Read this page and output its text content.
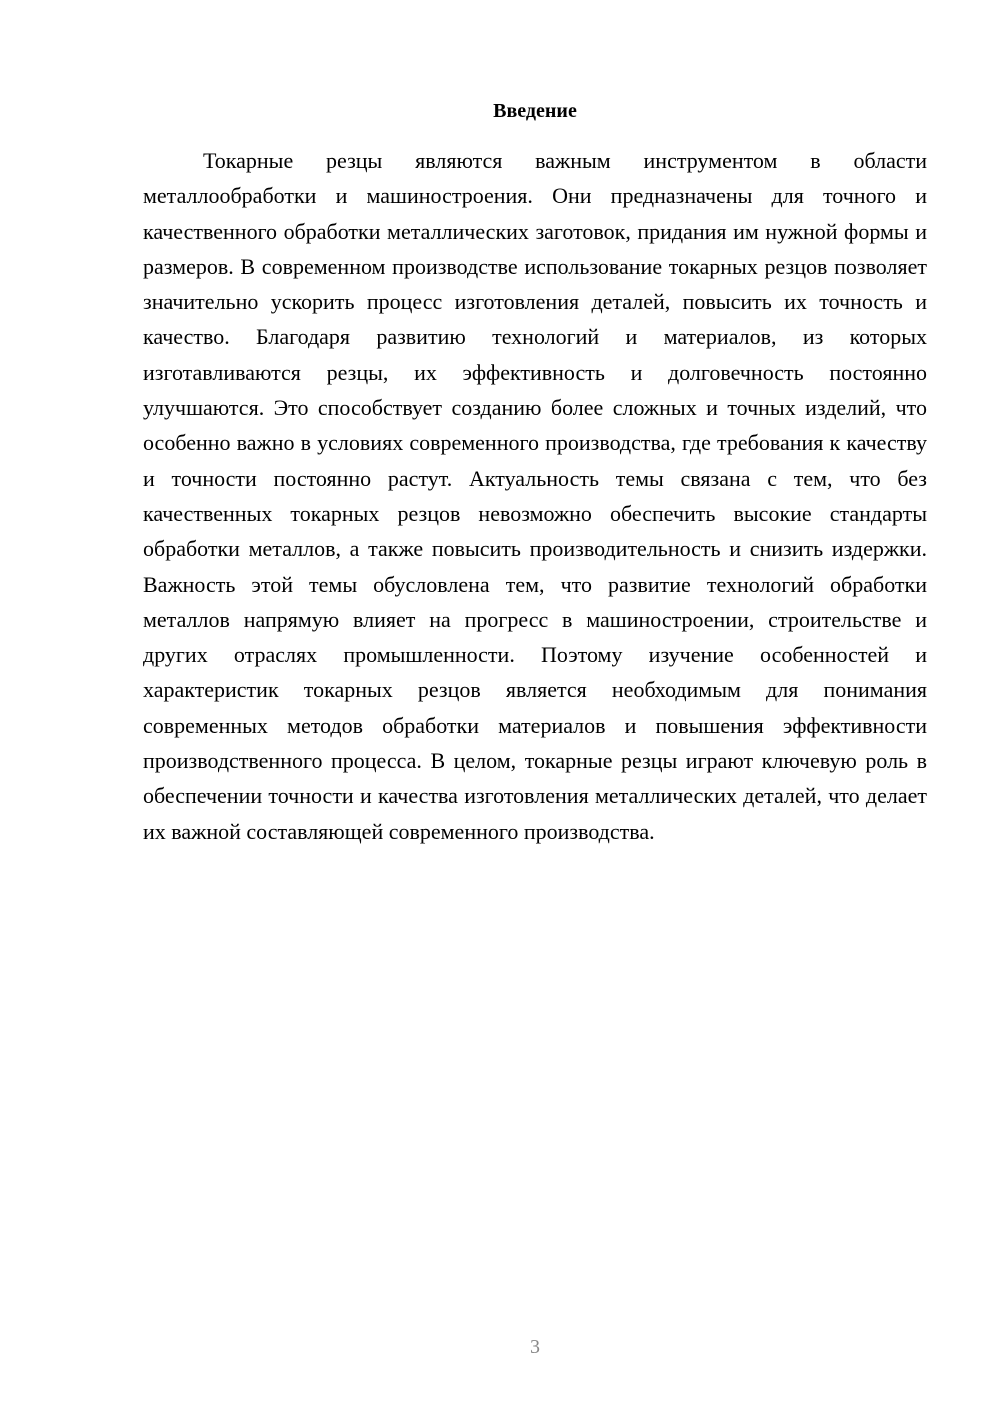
Введение

Токарные резцы являются важным инструментом в области металлообработки и машиностроения. Они предназначены для точного и качественного обработки металлических заготовок, придания им нужной формы и размеров. В современном производстве использование токарных резцов позволяет значительно ускорить процесс изготовления деталей, повысить их точность и качество. Благодаря развитию технологий и материалов, из которых изготавливаются резцы, их эффективность и долговечность постоянно улучшаются. Это способствует созданию более сложных и точных изделий, что особенно важно в условиях современного производства, где требования к качеству и точности постоянно растут. Актуальность темы связана с тем, что без качественных токарных резцов невозможно обеспечить высокие стандарты обработки металлов, а также повысить производительность и снизить издержки. Важность этой темы обусловлена тем, что развитие технологий обработки металлов напрямую влияет на прогресс в машиностроении, строительстве и других отраслях промышленности. Поэтому изучение особенностей и характеристик токарных резцов является необходимым для понимания современных методов обработки материалов и повышения эффективности производственного процесса. В целом, токарные резцы играют ключевую роль в обеспечении точности и качества изготовления металлических деталей, что делает их важной составляющей современного производства.

3
